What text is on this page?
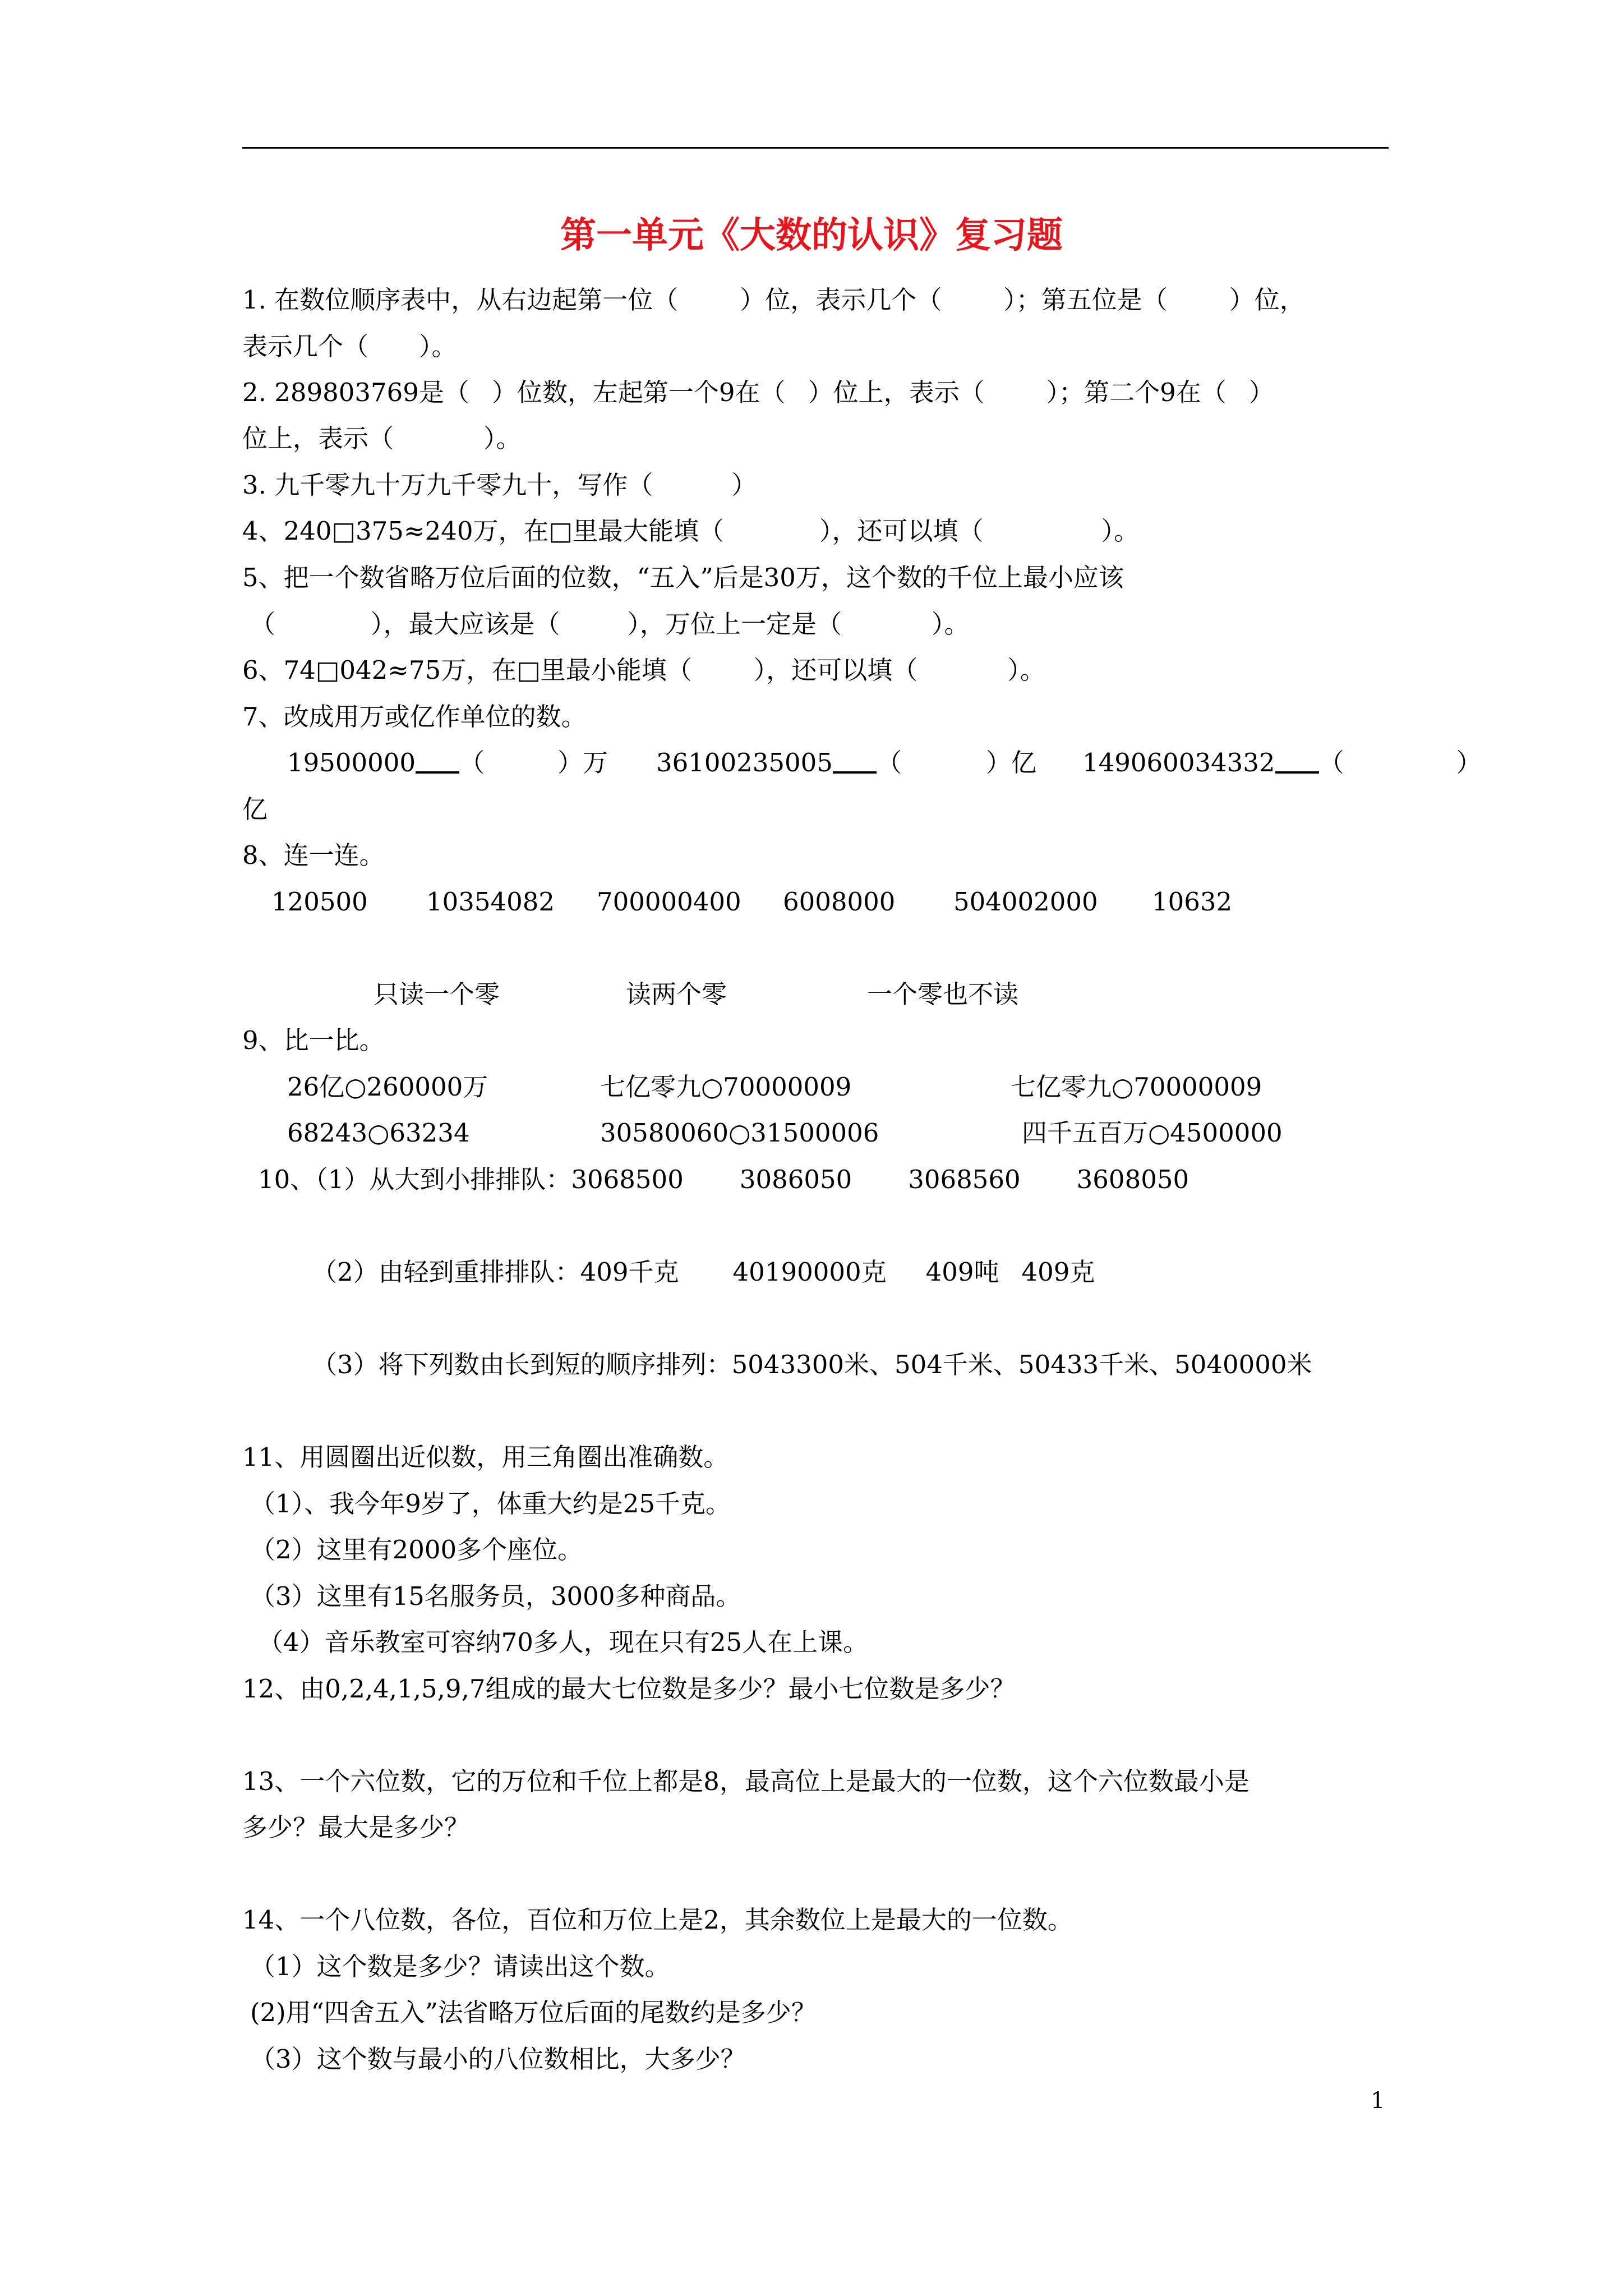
第一单元《大数的认识》复习题
1. 在数位顺序表中，从右边起第一位（ ）位，表示几个（ ）；第五位是（ ）位，
表示几个（ ）。
2. 289803769是（ ）位数，左起第一个9在（ ）位上，表示（ ）；第二个9在（ ）
位上，表示（	）。
3. 九千零九十万九千零九十，写作（	）
4、240□375≈240万，在□里最大能填（	），还可以填（	）。
5、把一个数省略万位后面的位数，“五入”后是30万，这个数的千位上最小应该
（	），最大应该是（	），万位上一定是（	）。
6、74□042≈75万，在□里最小能填（ ），还可以填（	）。
7、改成用万或亿作单位的数。
19500000 （	）万 36100235005 （	）亿 149060034332 （	）
亿
8、连一连。
120500 10354082 700000400 6008000 504002000 10632
只读一个零	读两个零	一个零也不读
9、比一比。
26亿○260000万	七亿零九○70000009	七亿零九○70000009
68243○63234	30580060○31500006	四千五百万○4500000
10、（1）从大到小排排队：3068500 3086050 3068560 3608050
（2）由轻到重排排队：409千克 40190000克 409吨 409克
（3）将下列数由长到短的顺序排列：5043300米、504千米、50433千米、5040000米
11、用圆圈出近似数，用三角圈出准确数。
（1）、我今年9岁了，体重大约是25千克。
（2）这里有2000多个座位。
（3）这里有15名服务员，3000多种商品。
（4）音乐教室可容纳70多人，现在只有25人在上课。
12、由0,2,4,1,5,9,7组成的最大七位数是多少？最小七位数是多少？
13、一个六位数，它的万位和千位上都是8，最高位上是最大的一位数，这个六位数最小是
多少？最大是多少？
14、一个八位数，各位，百位和万位上是2，其余数位上是最大的一位数。
（1）这个数是多少？请读出这个数。
(2)用“四舍五入”法省略万位后面的尾数约是多少？
（3）这个数与最小的八位数相比，大多少？
1
